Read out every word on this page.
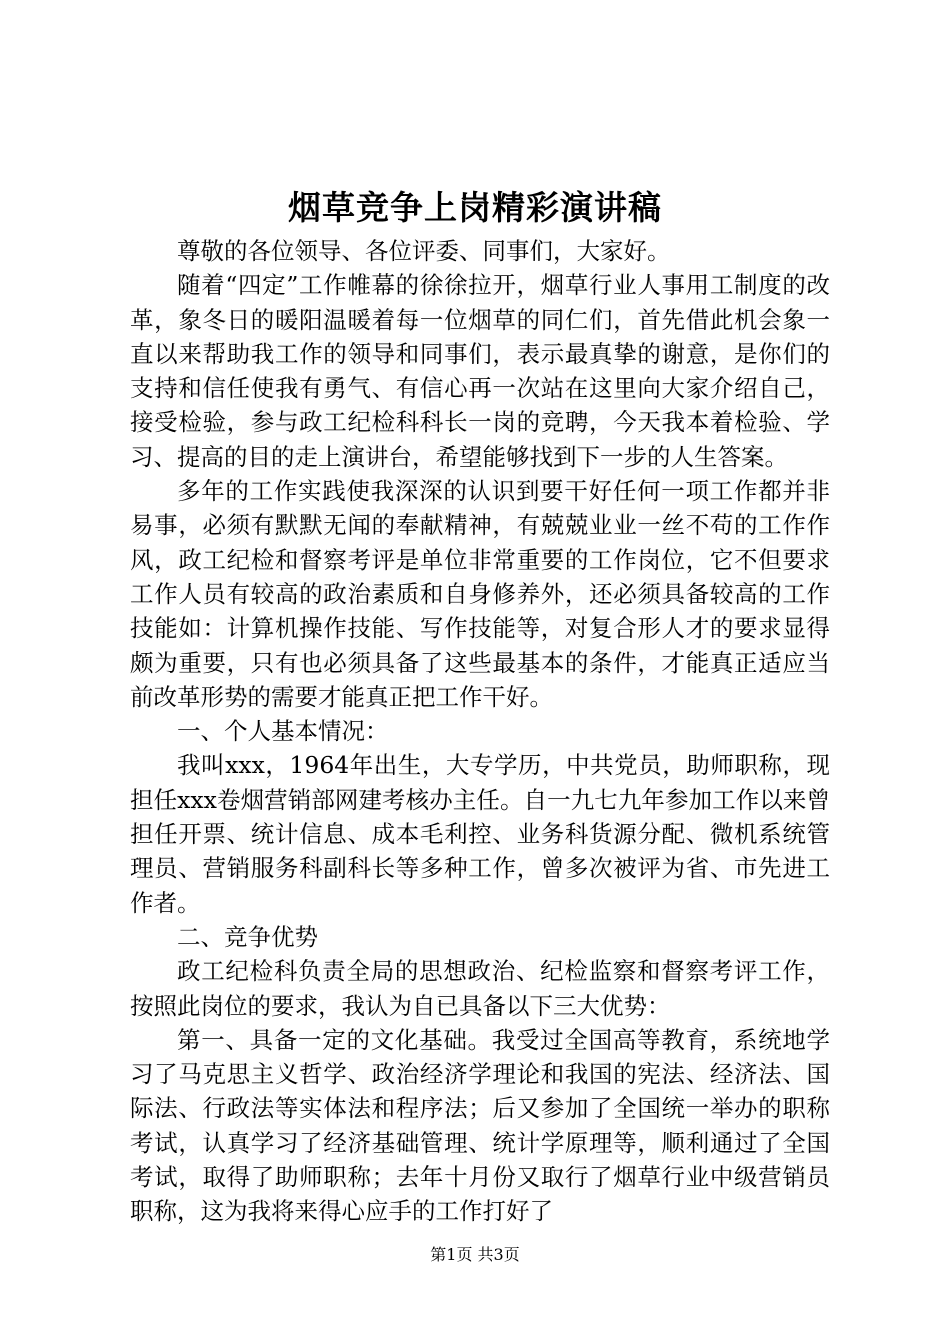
烟草竞争上岗精彩演讲稿

尊敬的各位领导、各位评委、同事们，大家好。

随着“四定”工作帷幕的徐徐拉开，烟草行业人事用工制度的改革，象冬日的暖阳温暖着每一位烟草的同仁们，首先借此机会象一直以来帮助我工作的领导和同事们，表示最真挚的谢意，是你们的支持和信任使我有勇气、有信心再一次站在这里向大家介绍自己，接受检验，参与政工纪检科科长一岗的竞聘，今天我本着检验、学习、提高的目的走上演讲台，希望能够找到下一步的人生答案。

多年的工作实践使我深深的认识到要干好任何一项工作都并非易事，必须有默默无闻的奉献精神，有兢兢业业一丝不苟的工作作风，政工纪检和督察考评是单位非常重要的工作岗位，它不但要求工作人员有较高的政治素质和自身修养外，还必须具备较高的工作技能如：计算机操作技能、写作技能等，对复合形人才的要求显得颇为重要，只有也必须具备了这些最基本的条件，才能真正适应当前改革形势的需要才能真正把工作干好。

一、个人基本情况：

我叫xxx，1964年出生，大专学历，中共党员，助师职称，现担任xxx卷烟营销部网建考核办主任。自一九七九年参加工作以来曾担任开票、统计信息、成本毛利控、业务科货源分配、微机系统管理员、营销服务科副科长等多种工作，曾多次被评为省、市先进工作者。

二、竞争优势

政工纪检科负责全局的思想政治、纪检监察和督察考评工作，按照此岗位的要求，我认为自已具备以下三大优势：

第一、具备一定的文化基础。我受过全国高等教育，系统地学习了马克思主义哲学、政治经济学理论和我国的宪法、经济法、国际法、行政法等实体法和程序法；后又参加了全国统一举办的职称考试，认真学习了经济基础管理、统计学原理等，顺利通过了全国考试，取得了助师职称；去年十月份又取行了烟草行业中级营销员职称，这为我将来得心应手的工作打好了

第1页 共3页
